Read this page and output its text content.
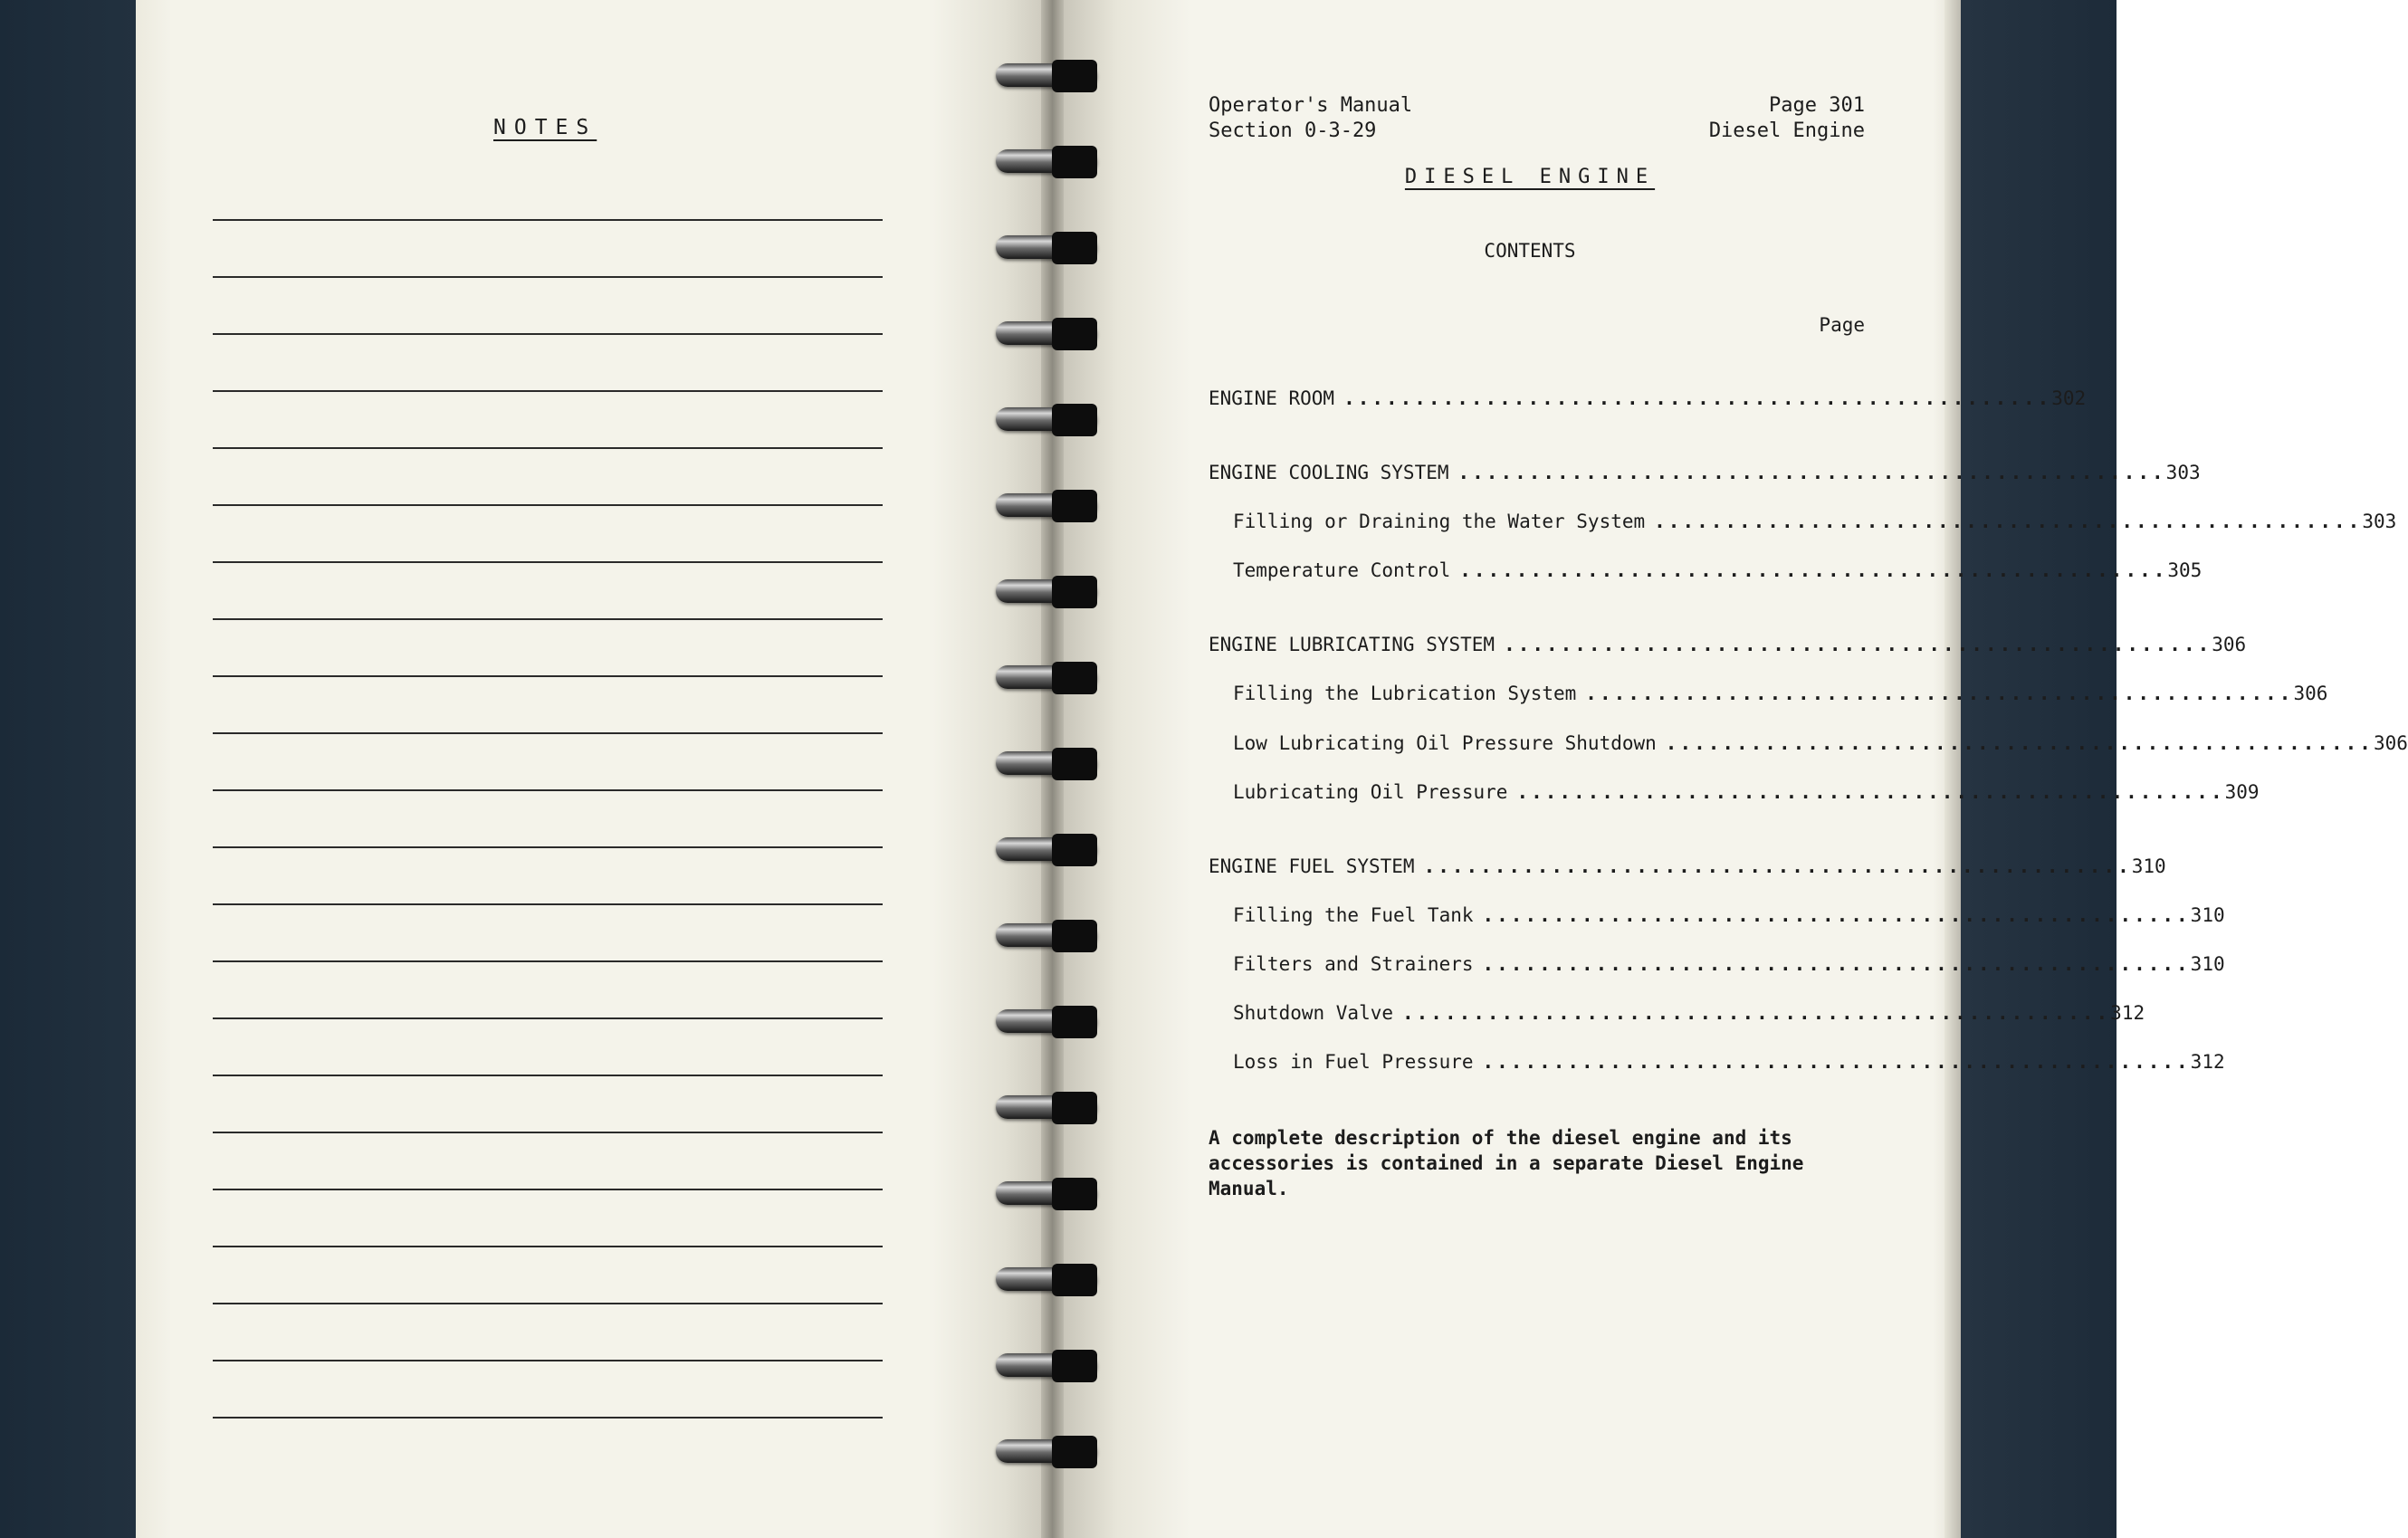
NOTES
Operator's Manual
Section 0-3-29
Page 301
Diesel Engine
DIESEL ENGINE
CONTENTS
Page
ENGINE ROOM .................................................. 302
ENGINE COOLING SYSTEM .................................................. 303
Filling or Draining the Water System .................................................. 303
Temperature Control .................................................. 305
ENGINE LUBRICATING SYSTEM .................................................. 306
Filling the Lubrication System .................................................. 306
Low Lubricating Oil Pressure Shutdown .................................................. 306
Lubricating Oil Pressure .................................................. 309
ENGINE FUEL SYSTEM .................................................. 310
Filling the Fuel Tank .................................................. 310
Filters and Strainers .................................................. 310
Shutdown Valve .................................................. 312
Loss in Fuel Pressure .................................................. 312
A complete description of the diesel engine and its accessories is contained in a separate Diesel Engine Manual.
